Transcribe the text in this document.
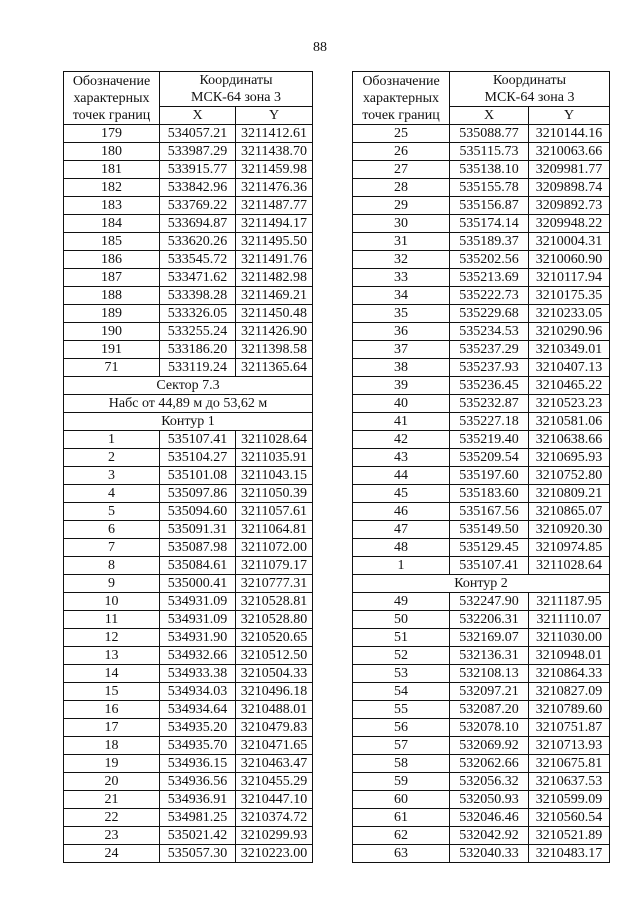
88
Обозначение
характерных
точек границ	Координаты
МСК-64 зона 3	

	X	Y
179	534057.21	3211412.61
180	533987.29	3211438.70
181	533915.77	3211459.98
182	533842.96	3211476.36
183	533769.22	3211487.77
184	533694.87	3211494.17
185	533620.26	3211495.50
186	533545.72	3211491.76
187	533471.62	3211482.98
188	533398.28	3211469.21
189	533326.05	3211450.48
190	533255.24	3211426.90
191	533186.20	3211398.58
71	533119.24	3211365.64
Сектор 7.3		
Набс от 44,89 м до 53,62 м		
Контур 1		
1	535107.41	3211028.64
2	535104.27	3211035.91
3	535101.08	3211043.15
4	535097.86	3211050.39
5	535094.60	3211057.61
6	535091.31	3211064.81
7	535087.98	3211072.00
8	535084.61	3211079.17
9	535000.41	3210777.31
10	534931.09	3210528.81
11	534931.09	3210528.80
12	534931.90	3210520.65
13	534932.66	3210512.50
14	534933.38	3210504.33
15	534934.03	3210496.18
16	534934.64	3210488.01
17	534935.20	3210479.83
18	534935.70	3210471.65
19	534936.15	3210463.47
20	534936.56	3210455.29
21	534936.91	3210447.10
22	534981.25	3210374.72
23	535021.42	3210299.93
24	535057.30	3210223.00
Обозначение
характерных
точек границ	Координаты
МСК-64 зона 3	

	X	Y
25	535088.77	3210144.16
26	535115.73	3210063.66
27	535138.10	3209981.77
28	535155.78	3209898.74
29	535156.87	3209892.73
30	535174.14	3209948.22
31	535189.37	3210004.31
32	535202.56	3210060.90
33	535213.69	3210117.94
34	535222.73	3210175.35
35	535229.68	3210233.05
36	535234.53	3210290.96
37	535237.29	3210349.01
38	535237.93	3210407.13
39	535236.45	3210465.22
40	535232.87	3210523.23
41	535227.18	3210581.06
42	535219.40	3210638.66
43	535209.54	3210695.93
44	535197.60	3210752.80
45	535183.60	3210809.21
46	535167.56	3210865.07
47	535149.50	3210920.30
48	535129.45	3210974.85
1	535107.41	3211028.64
Контур 2		
49	532247.90	3211187.95
50	532206.31	3211110.07
51	532169.07	3211030.00
52	532136.31	3210948.01
53	532108.13	3210864.33
54	532097.21	3210827.09
55	532087.20	3210789.60
56	532078.10	3210751.87
57	532069.92	3210713.93
58	532062.66	3210675.81
59	532056.32	3210637.53
60	532050.93	3210599.09
61	532046.46	3210560.54
62	532042.92	3210521.89
63	532040.33	3210483.17
